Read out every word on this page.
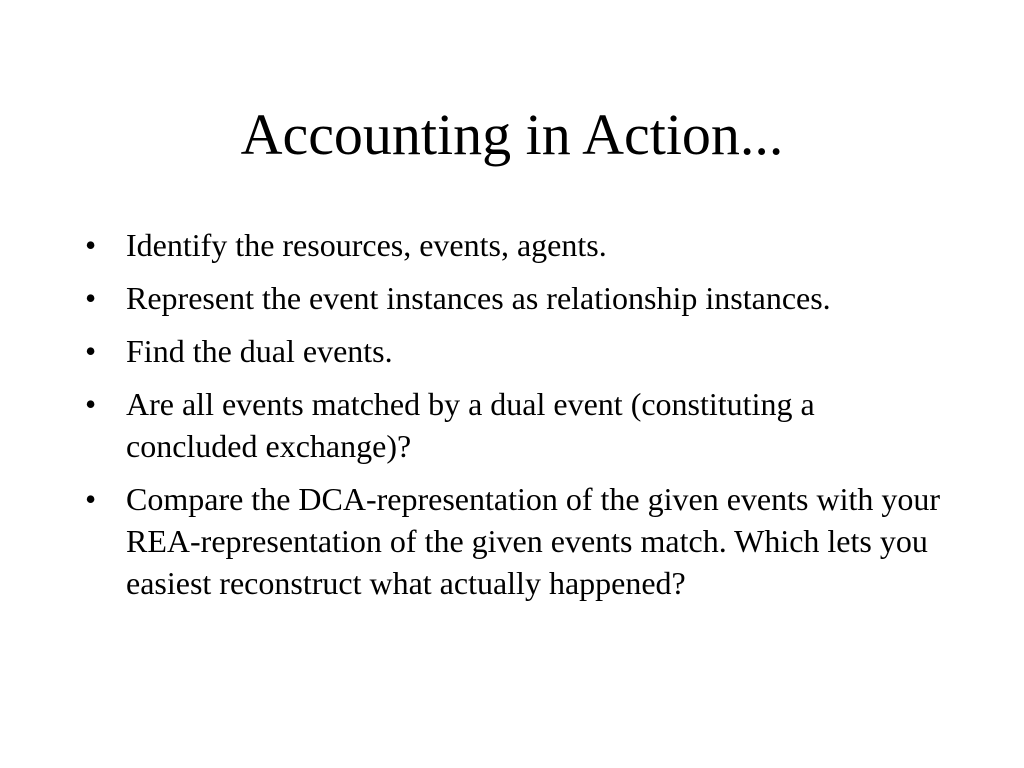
Accounting in Action...
• Identify the resources, events, agents.
• Represent the event instances as relationship instances.
• Find the dual events.
• Are all events matched by a dual event (constituting a concluded exchange)?
• Compare the DCA-representation of the given events with your REA-representation of the given events match. Which lets you easiest reconstruct what actually happened?
